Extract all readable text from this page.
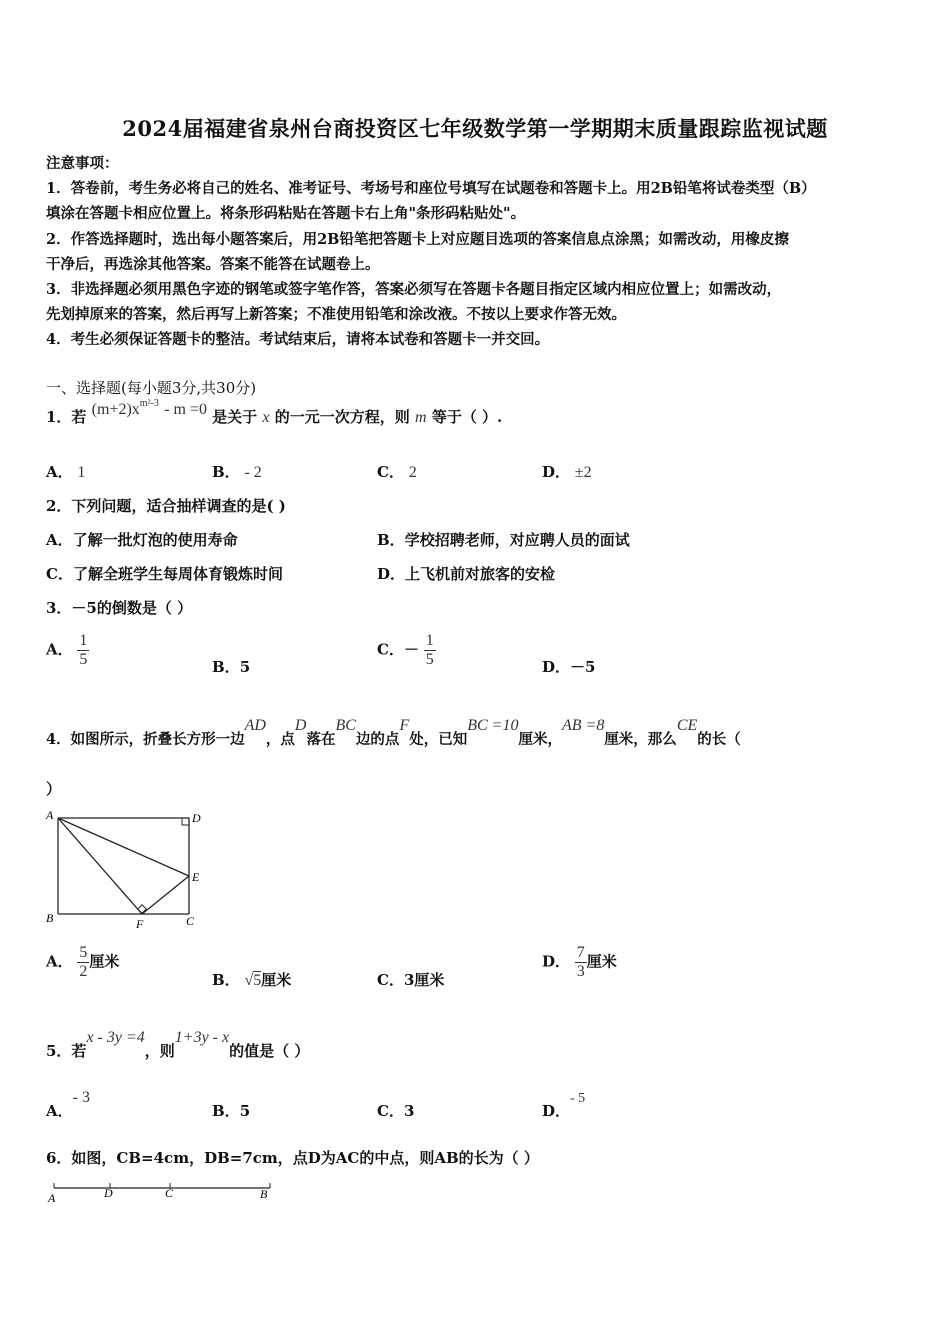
2024届福建省泉州台商投资区七年级数学第一学期期末质量跟踪监视试题
注意事项：
1．答卷前，考生务必将自己的姓名、准考证号、考场号和座位号填写在试题卷和答题卡上。用2B铅笔将试卷类型（B）
填涂在答题卡相应位置上。将条形码粘贴在答题卡右上角"条形码粘贴处"。
2．作答选择题时，选出每小题答案后，用2B铅笔把答题卡上对应题目选项的答案信息点涂黑；如需改动，用橡皮擦
干净后，再选涂其他答案。答案不能答在试题卷上。
3．非选择题必须用黑色字迹的钢笔或签字笔作答，答案必须写在答题卡各题目指定区域内相应位置上；如需改动，
先划掉原来的答案，然后再写上新答案；不准使用铅笔和涂改液。不按以上要求作答无效。
4．考生必须保证答题卡的整洁。考试结束后，请将本试卷和答题卡一并交回。
一、选择题(每小题3分,共30分)
1．若 $(m+2)x^{m^2-3} - m =0$ 是关于 x 的一元一次方程，则 m 等于（ ）.
A． 1	B． - 2	C． 2	D． ±2
2．下列问题，适合抽样调查的是( )
A．了解一批灯泡的使用寿命	B．学校招聘老师，对应聘人员的面试
C．了解全班学生每周体育锻炼时间	D．上飞机前对旅客的安检
3．－5的倒数是（ ）
A． $\frac{1}{5}$	B．5
C．－ $\frac{1}{5}$	D．－5
4．如图所示，折叠长方形一边AD，点D落在BC边的点F处，已知BC =10厘米，AB =8厘米，那么CE的长（
）
A	D
E
B	F	C
A． $\frac{5}{2}$ 厘米
B． √5厘米	C．3厘米
D． $\frac{7}{3}$ 厘米
5．若x - 3y =4，则1+3y - x的值是（ ）
A．- 3
B．5	C．3	D．- 5
6．如图，CB=4cm，DB=7cm，点D为AC的中点，则AB的长为（ ）
A	D	C	B
